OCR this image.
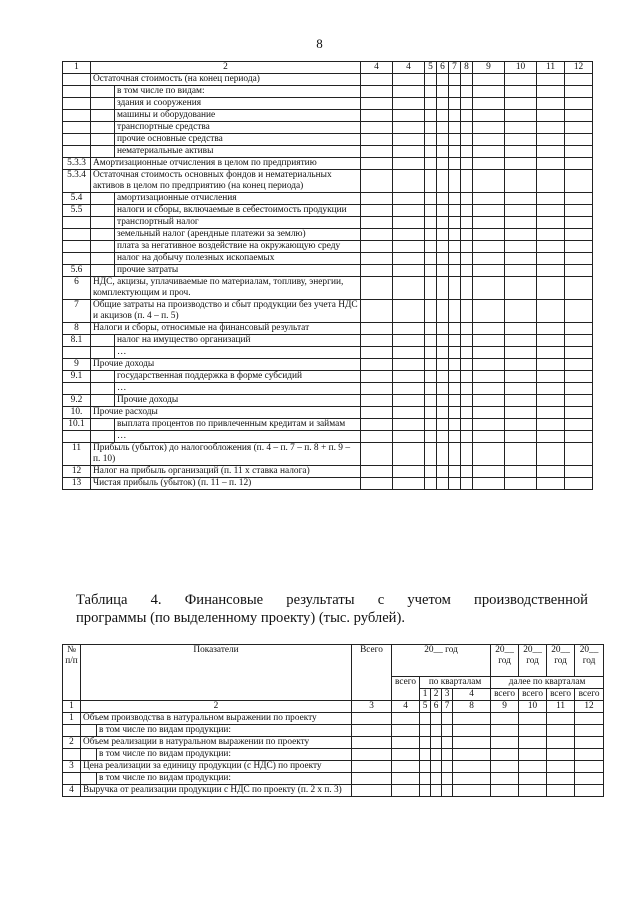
8
1	2		4	4	5	6	7	8	9	10	11	12
	Остаточная стоимость (на конец периода)											
		в том числе по видам:										
		здания и сооружения										
		машины и оборудование										
		транспортные средства										
		прочие основные средства										
		нематериальные активы										
5.3.3	Амортизационные отчисления в целом по предприятию											
5.3.4	Остаточная стоимость основных фондов и нематериальных активов в целом по предприятию (на конец периода)											
5.4		амортизационные отчисления										
5.5		налоги и сборы, включаемые в себестоимость продукции										
		транспортный налог										
		земельный налог (арендные платежи за землю)										
		плата за негативное воздействие на окружающую среду										
		налог на добычу полезных ископаемых										
5.6		прочие затраты										
6	НДС, акцизы, уплачиваемые по материалам, топливу, энергии, комплектующим и проч.											
7	Общие затраты на производство и сбыт продукции без учета НДС и акцизов (п. 4 – п. 5)											
8	Налоги и сборы, относимые на финансовый результат											
8.1		налог на имущество организаций										
		…										
9	Прочие доходы											
9.1		государственная поддержка в форме субсидий										
		…										
9.2		Прочие доходы										
10.	Прочие расходы											
10.1		выплата процентов по привлеченным кредитам и займам										
		…										
11	Прибыль (убыток) до налогообложения (п. 4 – п. 7 – п. 8 + п. 9 – п. 10)											
12	Налог на прибыль организаций (п. 11 x ставка налога)											
13	Чистая прибыль (убыток) (п. 11 – п. 12)											
Таблица 4. Финансовые результаты с учетом производственной
программы (по выделенному проекту) (тыс. рублей).
№ п/п	Показатели		Всего	20__ год					20__ год	20__ год	20__ год	20__ год
				всего	по кварталам				далее по кварталам			
					1	2	3	4	всего	всего	всего	всего
1	2		3	4	5	6	7	8	9	10	11	12
1	Объем производства в натуральном выражении по проекту											
		в том числе по видам продукции:										
2	Объем реализации в натуральном выражении по проекту											
		в том числе по видам продукции:										
3	Цена реализации за единицу продукции (с НДС) по проекту											
		в том числе по видам продукции:										
4	Выручка от реализации продукции с НДС по проекту (п. 2 х п. 3)											
